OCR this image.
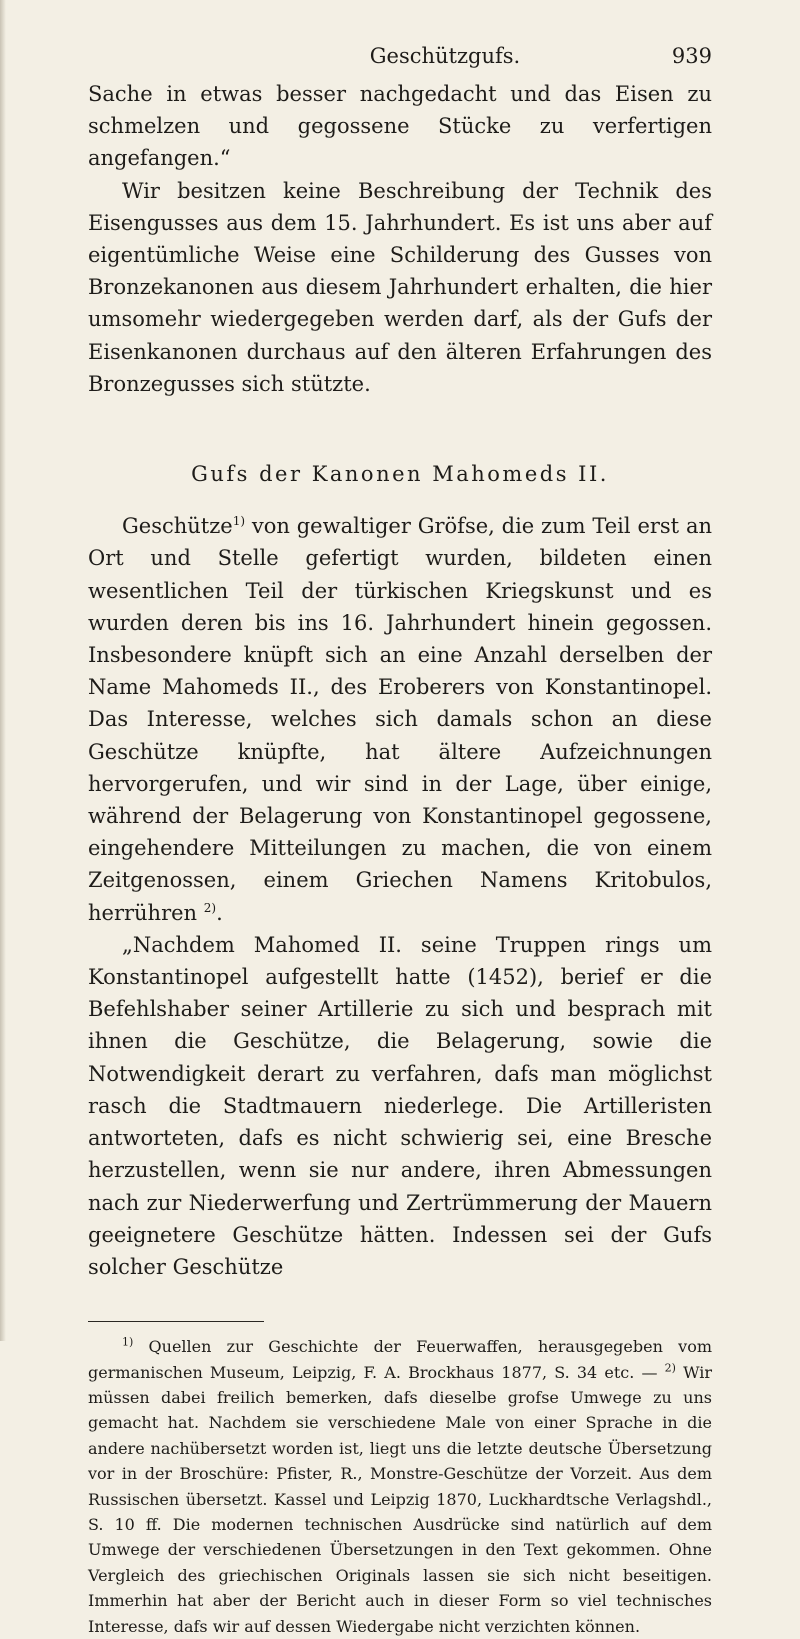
Geschützgufs.	939

Sache in etwas besser nachgedacht und das Eisen zu schmelzen und gegossene Stücke zu verfertigen angefangen.“

Wir besitzen keine Beschreibung der Technik des Eisengusses aus dem 15. Jahrhundert. Es ist uns aber auf eigentümliche Weise eine Schilderung des Gusses von Bronzekanonen aus diesem Jahrhundert erhalten, die hier umsomehr wiedergegeben werden darf, als der Gufs der Eisenkanonen durchaus auf den älteren Erfahrungen des Bronzegusses sich stützte.

Gufs der Kanonen Mahomeds II.

Geschütze$^{1)}$ von gewaltiger Gröfse, die zum Teil erst an Ort und Stelle gefertigt wurden, bildeten einen wesentlichen Teil der türkischen Kriegskunst und es wurden deren bis ins 16. Jahrhundert hinein gegossen. Insbesondere knüpft sich an eine Anzahl derselben der Name Mahomeds II., des Eroberers von Konstantinopel. Das Interesse, welches sich damals schon an diese Geschütze knüpfte, hat ältere Aufzeichnungen hervorgerufen, und wir sind in der Lage, über einige, während der Belagerung von Konstantinopel gegossene, eingehendere Mitteilungen zu machen, die von einem Zeitgenossen, einem Griechen Namens Kritobulos, herrühren $^{2)}$.

„Nachdem Mahomed II. seine Truppen rings um Konstantinopel aufgestellt hatte (1452), berief er die Befehlshaber seiner Artillerie zu sich und besprach mit ihnen die Geschütze, die Belagerung, sowie die Notwendigkeit derart zu verfahren, dafs man möglichst rasch die Stadtmauern niederlege. Die Artilleristen antworteten, dafs es nicht schwierig sei, eine Bresche herzustellen, wenn sie nur andere, ihren Abmessungen nach zur Niederwerfung und Zertrümmerung der Mauern geeignetere Geschütze hätten. Indessen sei der Gufs solcher Geschütze

$^{1)}$ Quellen zur Geschichte der Feuerwaffen, herausgegeben vom germanischen Museum, Leipzig, F. A. Brockhaus 1877, S. 34 etc. — $^{2)}$ Wir müssen dabei freilich bemerken, dafs dieselbe grofse Umwege zu uns gemacht hat. Nachdem sie verschiedene Male von einer Sprache in die andere nachübersetzt worden ist, liegt uns die letzte deutsche Übersetzung vor in der Broschüre: Pfister, R., Monstre-Geschütze der Vorzeit. Aus dem Russischen übersetzt. Kassel und Leipzig 1870, Luckhardtsche Verlagshdl., S. 10 ff. Die modernen technischen Ausdrücke sind natürlich auf dem Umwege der verschiedenen Übersetzungen in den Text gekommen. Ohne Vergleich des griechischen Originals lassen sie sich nicht beseitigen. Immerhin hat aber der Bericht auch in dieser Form so viel technisches Interesse, dafs wir auf dessen Wiedergabe nicht verzichten können.
